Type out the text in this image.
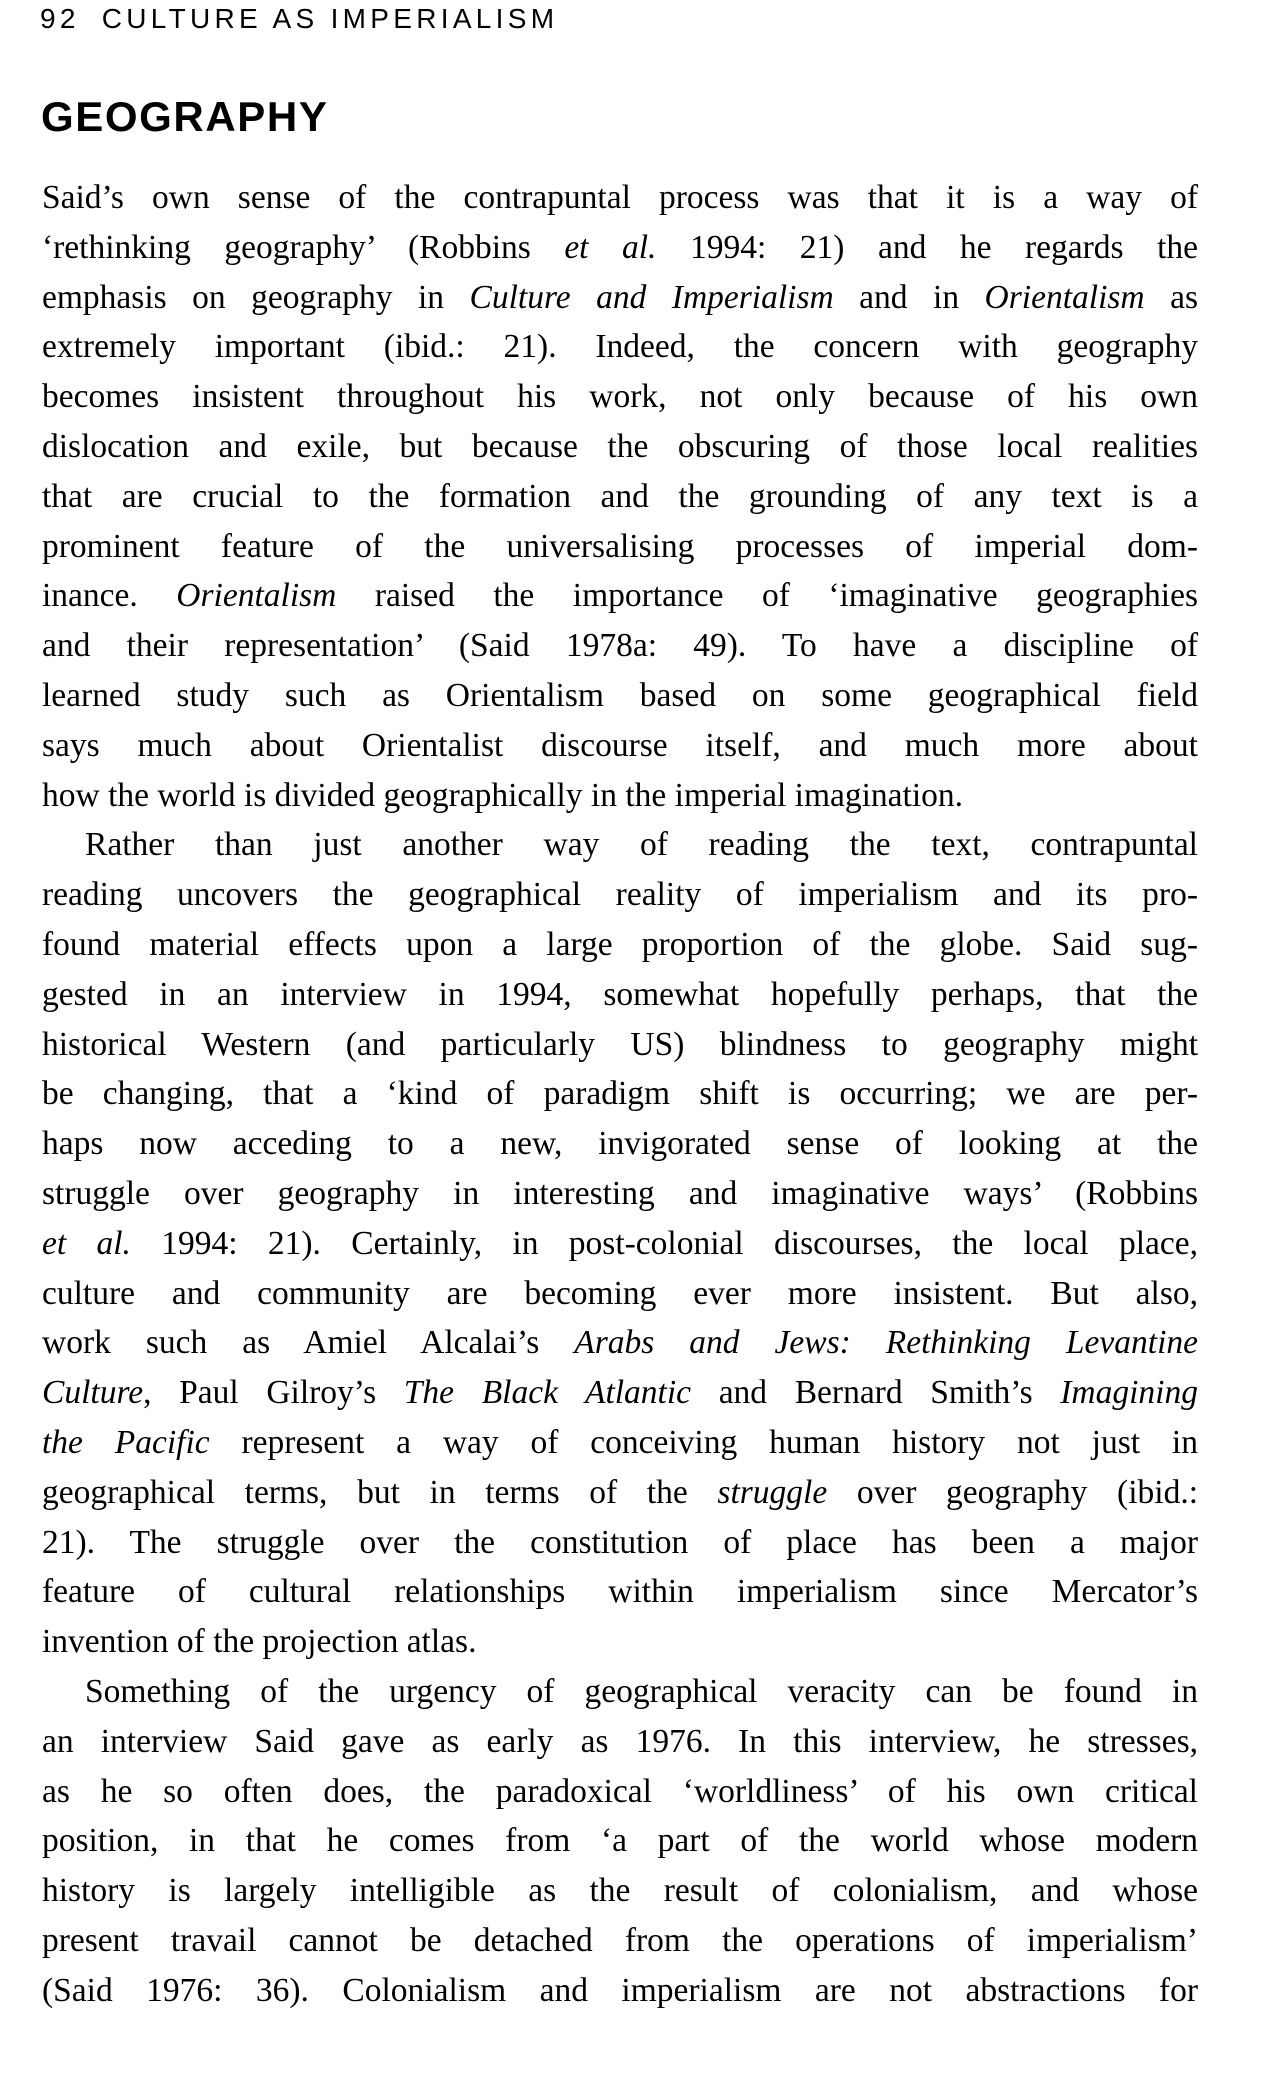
92 CULTURE AS IMPERIALISM
GEOGRAPHY
Said’s own sense of the contrapuntal process was that it is a way of
‘rethinking geography’ (Robbins et al. 1994: 21) and he regards the
emphasis on geography in Culture and Imperialism and in Orientalism as
extremely important (ibid.: 21). Indeed, the concern with geography
becomes insistent throughout his work, not only because of his own
dislocation and exile, but because the obscuring of those local realities
that are crucial to the formation and the grounding of any text is a
prominent feature of the universalising processes of imperial dom-
inance. Orientalism raised the importance of ‘imaginative geographies
and their representation’ (Said 1978a: 49). To have a discipline of
learned study such as Orientalism based on some geographical field
says much about Orientalist discourse itself, and much more about
how the world is divided geographically in the imperial imagination.
Rather than just another way of reading the text, contrapuntal
reading uncovers the geographical reality of imperialism and its pro-
found material effects upon a large proportion of the globe. Said sug-
gested in an interview in 1994, somewhat hopefully perhaps, that the
historical Western (and particularly US) blindness to geography might
be changing, that a ‘kind of paradigm shift is occurring; we are per-
haps now acceding to a new, invigorated sense of looking at the
struggle over geography in interesting and imaginative ways’ (Robbins
et al. 1994: 21). Certainly, in post-colonial discourses, the local place,
culture and community are becoming ever more insistent. But also,
work such as Amiel Alcalai’s Arabs and Jews: Rethinking Levantine
Culture, Paul Gilroy’s The Black Atlantic and Bernard Smith’s Imagining
the Pacific represent a way of conceiving human history not just in
geographical terms, but in terms of the struggle over geography (ibid.:
21). The struggle over the constitution of place has been a major
feature of cultural relationships within imperialism since Mercator’s
invention of the projection atlas.
Something of the urgency of geographical veracity can be found in
an interview Said gave as early as 1976. In this interview, he stresses,
as he so often does, the paradoxical ‘worldliness’ of his own critical
position, in that he comes from ‘a part of the world whose modern
history is largely intelligible as the result of colonialism, and whose
present travail cannot be detached from the operations of imperialism’
(Said 1976: 36). Colonialism and imperialism are not abstractions for
